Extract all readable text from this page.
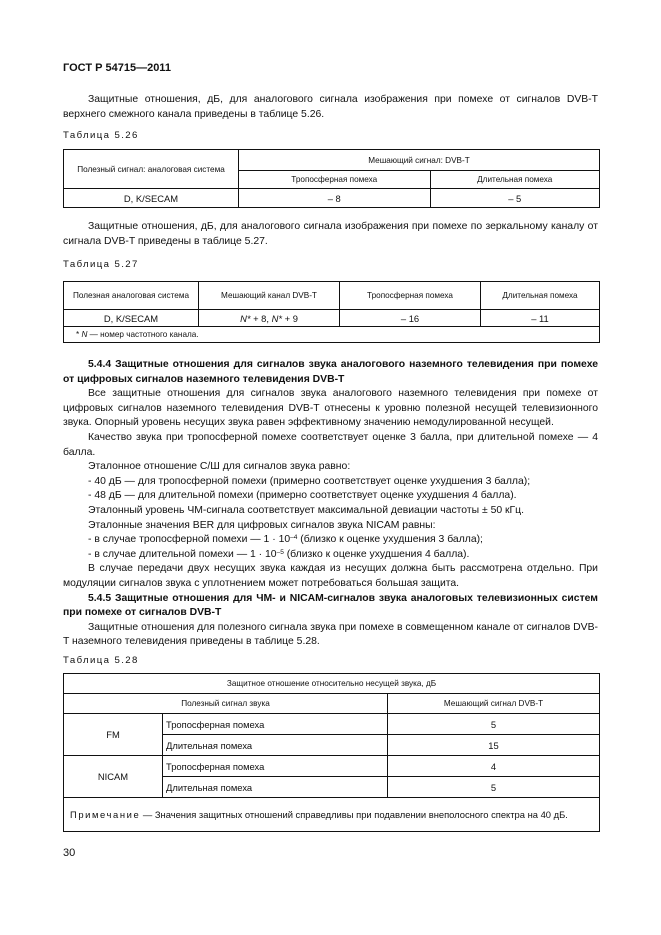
ГОСТ Р 54715—2011

Защитные отношения, дБ, для аналогового сигнала изображения при помехе от сигналов DVB-T верхнего смежного канала приведены в таблице 5.26.

Таблица 5.26
Полезный сигнал: аналоговая система	Мешающий сигнал: DVB-T	
	Тропосферная помеха	Длительная помеха
D, K/SECAM	– 8	– 5

Защитные отношения, дБ, для аналогового сигнала изображения при помехе по зеркальному каналу от сигнала DVB-T приведены в таблице 5.27.

Таблица 5.27
Полезная аналоговая система	Мешающий канал DVB-T	Тропосферная помеха	Длительная помеха
D, K/SECAM	N* + 8, N* + 9	– 16	– 11
* N — номер частотного канала.			

5.4.4 Защитные отношения для сигналов звука аналогового наземного телевидения при помехе от цифровых сигналов наземного телевидения DVB-T

Все защитные отношения для сигналов звука аналогового наземного телевидения при помехе от цифровых сигналов наземного телевидения DVB-T отнесены к уровню полезной несущей телевизионного звука. Опорный уровень несущих звука равен эффективному значению немодулированной несущей.

Качество звука при тропосферной помехе соответствует оценке 3 балла, при длительной помехе — 4 балла.

Эталонное отношение С/Ш для сигналов звука равно:

- 40 дБ — для тропосферной помехи (примерно соответствует оценке ухудшения 3 балла);

- 48 дБ — для длительной помехи (примерно соответствует оценке ухудшения 4 балла).

Эталонный уровень ЧМ-сигнала соответствует максимальной девиации частоты ± 50 кГц.

Эталонные значения BER для цифровых сигналов звука NICAM равны:

- в случае тропосферной помехи — $1 \cdot 10^{-4}$ (близко к оценке ухудшения 3 балла);

- в случае длительной помехи — $1 \cdot 10^{-5}$ (близко к оценке ухудшения 4 балла).

В случае передачи двух несущих звука каждая из несущих должна быть рассмотрена отдельно. При модуляции сигналов звука с уплотнением может потребоваться большая защита.

5.4.5 Защитные отношения для ЧМ- и NICAM-сигналов звука аналоговых телевизионных систем при помехе от сигналов DVB-T

Защитные отношения для полезного сигнала звука при помехе в совмещенном канале от сигналов DVB-T наземного телевидения приведены в таблице 5.28.

Таблица 5.28
Защитное отношение относительно несущей звука, дБ		
Полезный сигнал звука		Мешающий сигнал DVB-T
FM	Тропосферная помеха	5
	Длительная помеха	15
NICAM	Тропосферная помеха	4
	Длительная помеха	5
Примечание — Значения защитных отношений справедливы при подавлении внеполосного спектра на 40 дБ.		
30
